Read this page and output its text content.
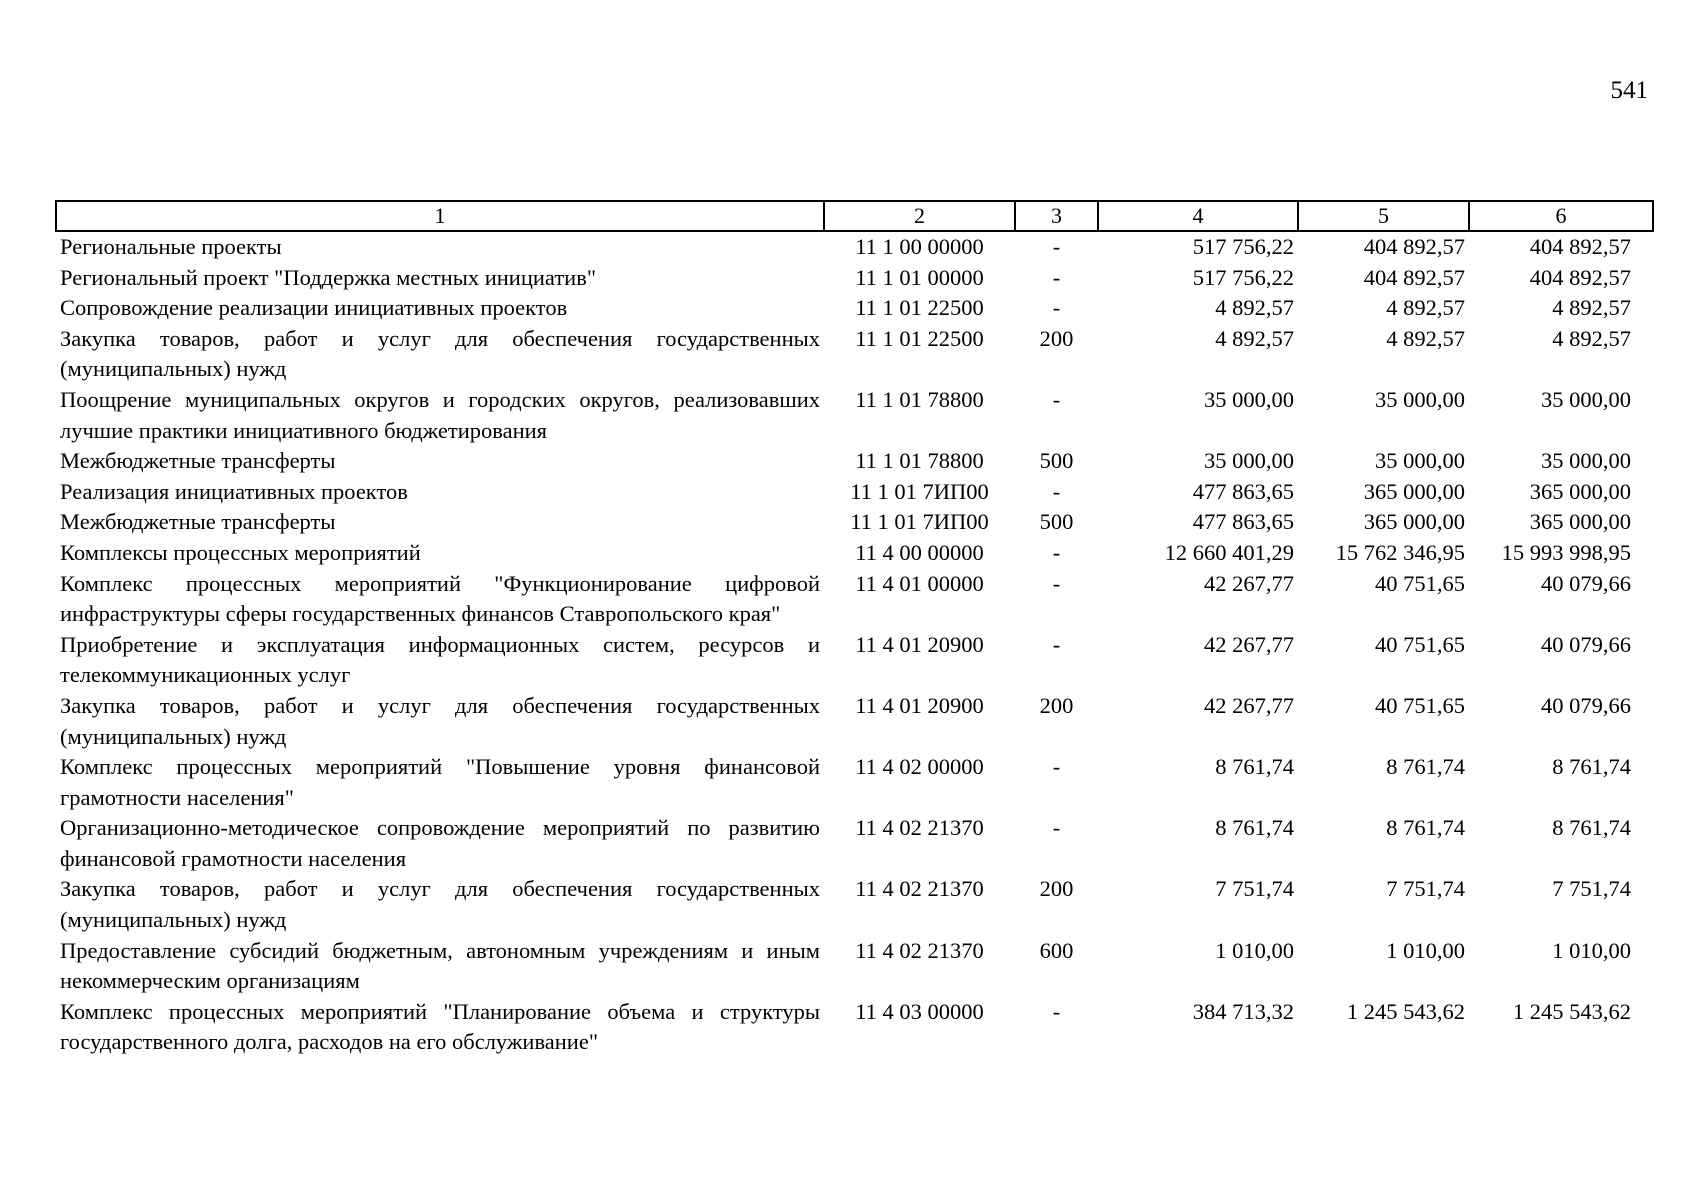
541
1	2	3	4	5	6
Региональные проекты	11 1 00 00000	-	517 756,22	404 892,57	404 892,57
Региональный проект "Поддержка местных инициатив"	11 1 01 00000	-	517 756,22	404 892,57	404 892,57
Сопровождение реализации инициативных проектов	11 1 01 22500	-	4 892,57	4 892,57	4 892,57
Закупка товаров, работ и услуг для обеспечения государственных (муниципальных) нужд	11 1 01 22500	200	4 892,57	4 892,57	4 892,57
Поощрение муниципальных округов и городских округов, реализовавших лучшие практики инициативного бюджетирования	11 1 01 78800	-	35 000,00	35 000,00	35 000,00
Межбюджетные трансферты	11 1 01 78800	500	35 000,00	35 000,00	35 000,00
Реализация инициативных проектов	11 1 01 7ИП00	-	477 863,65	365 000,00	365 000,00
Межбюджетные трансферты	11 1 01 7ИП00	500	477 863,65	365 000,00	365 000,00
Комплексы процессных мероприятий	11 4 00 00000	-	12 660 401,29	15 762 346,95	15 993 998,95
Комплекс процессных мероприятий "Функционирование цифровой инфраструктуры сферы государственных финансов Ставропольского края"	11 4 01 00000	-	42 267,77	40 751,65	40 079,66
Приобретение и эксплуатация информационных систем, ресурсов и телекоммуникационных услуг	11 4 01 20900	-	42 267,77	40 751,65	40 079,66
Закупка товаров, работ и услуг для обеспечения государственных (муниципальных) нужд	11 4 01 20900	200	42 267,77	40 751,65	40 079,66
Комплекс процессных мероприятий "Повышение уровня финансовой грамотности населения"	11 4 02 00000	-	8 761,74	8 761,74	8 761,74
Организационно-методическое сопровождение мероприятий по развитию финансовой грамотности населения	11 4 02 21370	-	8 761,74	8 761,74	8 761,74
Закупка товаров, работ и услуг для обеспечения государственных (муниципальных) нужд	11 4 02 21370	200	7 751,74	7 751,74	7 751,74
Предоставление субсидий бюджетным, автономным учреждениям и иным некоммерческим организациям	11 4 02 21370	600	1 010,00	1 010,00	1 010,00
Комплекс процессных мероприятий "Планирование объема и структуры государственного долга, расходов на его обслуживание"	11 4 03 00000	-	384 713,32	1 245 543,62	1 245 543,62
